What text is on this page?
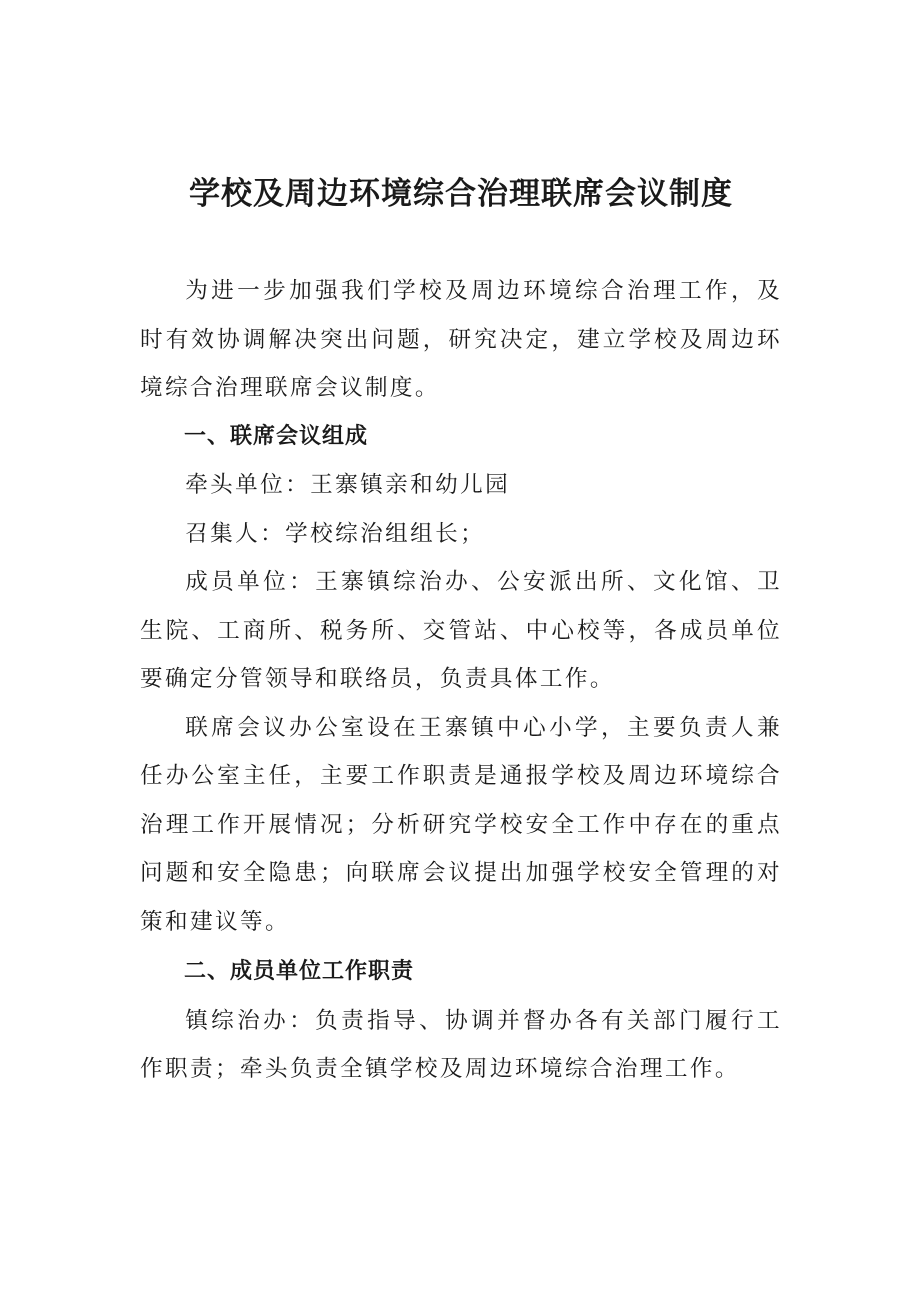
学校及周边环境综合治理联席会议制度

为进一步加强我们学校及周边环境综合治理工作，及时有效协调解决突出问题，研究决定，建立学校及周边环境综合治理联席会议制度。

一、联席会议组成

牵头单位：王寨镇亲和幼儿园

召集人：学校综治组组长；

成员单位：王寨镇综治办、公安派出所、文化馆、卫生院、工商所、税务所、交管站、中心校等，各成员单位要确定分管领导和联络员，负责具体工作。

联席会议办公室设在王寨镇中心小学，主要负责人兼任办公室主任，主要工作职责是通报学校及周边环境综合治理工作开展情况；分析研究学校安全工作中存在的重点问题和安全隐患；向联席会议提出加强学校安全管理的对策和建议等。

二、成员单位工作职责

镇综治办：负责指导、协调并督办各有关部门履行工作职责；牵头负责全镇学校及周边环境综合治理工作。
